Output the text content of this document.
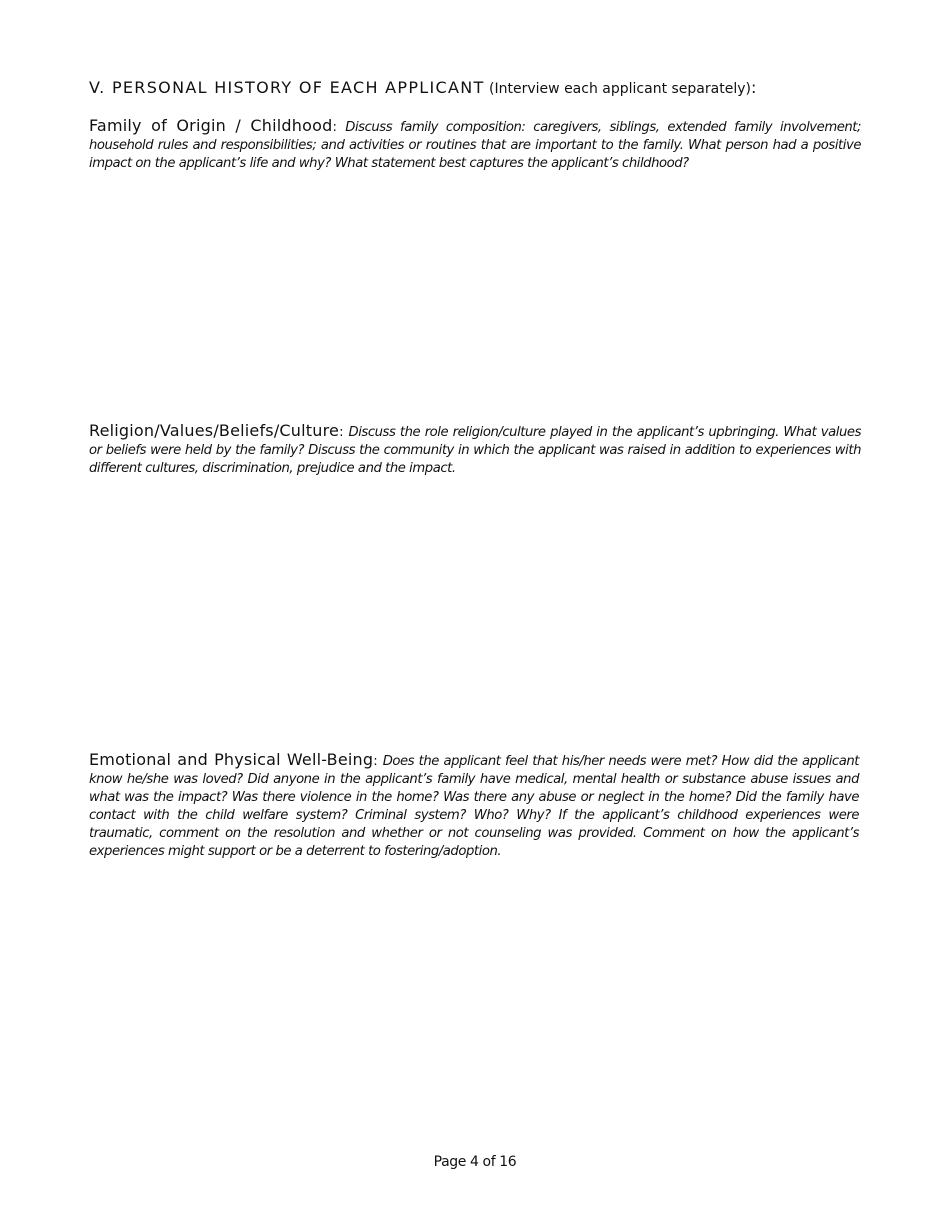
V. PERSONAL HISTORY OF EACH APPLICANT (Interview each applicant separately):
Family of Origin / Childhood: Discuss family composition: caregivers, siblings, extended family involvement; household rules and responsibilities; and activities or routines that are important to the family. What person had a positive impact on the applicant’s life and why? What statement best captures the applicant’s childhood?
Religion/Values/Beliefs/Culture: Discuss the role religion/culture played in the applicant’s upbringing. What values or beliefs were held by the family? Discuss the community in which the applicant was raised in addition to experiences with different cultures, discrimination, prejudice and the impact.
Emotional and Physical Well-Being: Does the applicant feel that his/her needs were met? How did the applicant know he/she was loved? Did anyone in the applicant’s family have medical, mental health or substance abuse issues and what was the impact? Was there violence in the home? Was there any abuse or neglect in the home? Did the family have contact with the child welfare system? Criminal system? Who? Why? If the applicant’s childhood experiences were traumatic, comment on the resolution and whether or not counseling was provided. Comment on how the applicant’s experiences might support or be a deterrent to fostering/adoption.
Page 4 of 16
